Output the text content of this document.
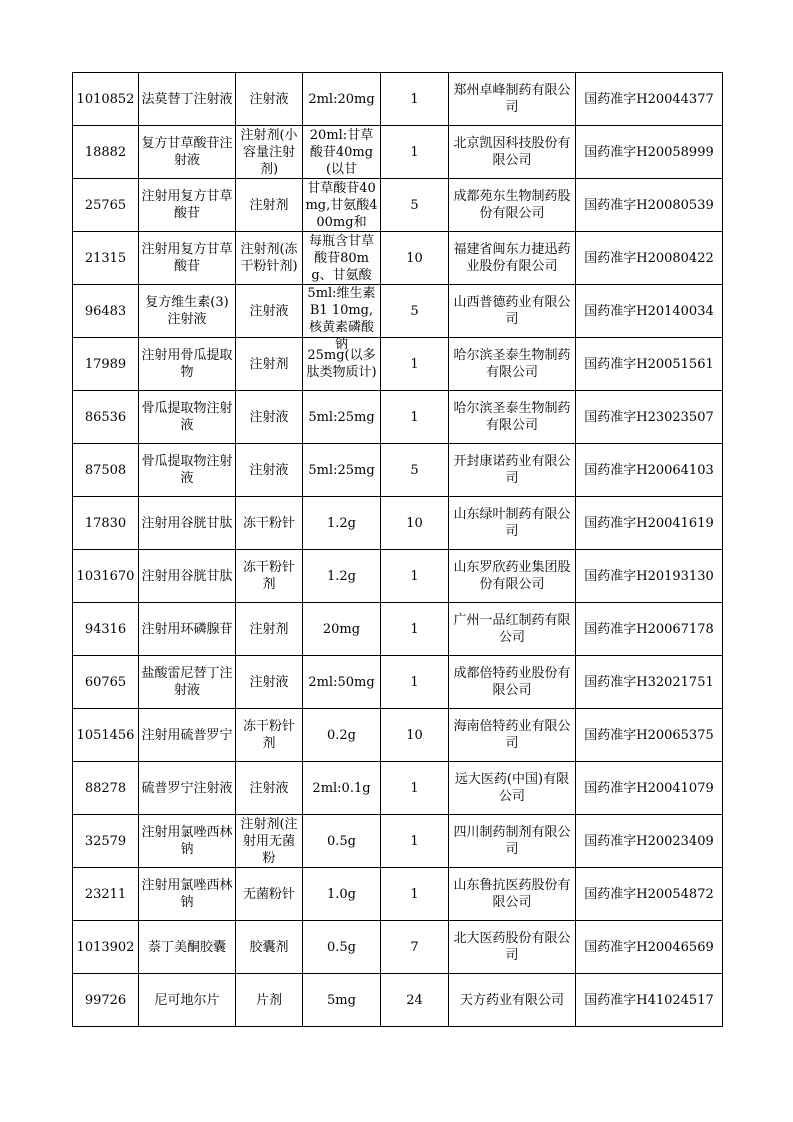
1010852	法莫替丁注射液	注射液	2ml:20mg	1	郑州卓峰制药有限公司	国药准字H20044377

18882	复方甘草酸苷注射液	注射剂(小容量注射剂)	20ml:甘草酸苷40mg(以甘	1	北京凯因科技股份有限公司	国药准字H20058999

25765	注射用复方甘草酸苷	注射剂	甘草酸苷40mg,甘氨酸400mg和	5	成都苑东生物制药股份有限公司	国药准字H20080539

21315	注射用复方甘草酸苷	注射剂(冻干粉针剂)	每瓶含甘草酸苷80mg、甘氨酸	10	福建省闽东力捷迅药业股份有限公司	国药准字H20080422

96483	复方维生素(3)注射液	注射液	5ml:维生素B1 10mg,核黄素磷酸钠	5	山西普德药业有限公司	国药准字H20140034

17989	注射用骨瓜提取物	注射剂	25mg(以多肽类物质计)	1	哈尔滨圣泰生物制药有限公司	国药准字H20051561

86536	骨瓜提取物注射液	注射液	5ml:25mg	1	哈尔滨圣泰生物制药有限公司	国药准字H23023507

87508	骨瓜提取物注射液	注射液	5ml:25mg	5	开封康诺药业有限公司	国药准字H20064103

17830	注射用谷胱甘肽	冻干粉针	1.2g	10	山东绿叶制药有限公司	国药准字H20041619

1031670	注射用谷胱甘肽	冻干粉针剂	1.2g	1	山东罗欣药业集团股份有限公司	国药准字H20193130

94316	注射用环磷腺苷	注射剂	20mg	1	广州一品红制药有限公司	国药准字H20067178

60765	盐酸雷尼替丁注射液	注射液	2ml:50mg	1	成都倍特药业股份有限公司	国药准字H32021751

1051456	注射用硫普罗宁	冻干粉针剂	0.2g	10	海南倍特药业有限公司	国药准字H20065375

88278	硫普罗宁注射液	注射液	2ml:0.1g	1	远大医药(中国)有限公司	国药准字H20041079

32579	注射用氯唑西林钠	注射剂(注射用无菌粉	0.5g	1	四川制药制剂有限公司	国药准字H20023409

23211	注射用氯唑西林钠	无菌粉针	1.0g	1	山东鲁抗医药股份有限公司	国药准字H20054872

1013902	萘丁美酮胶囊	胶囊剂	0.5g	7	北大医药股份有限公司	国药准字H20046569

99726	尼可地尔片	片剂	5mg	24	天方药业有限公司	国药准字H41024517
